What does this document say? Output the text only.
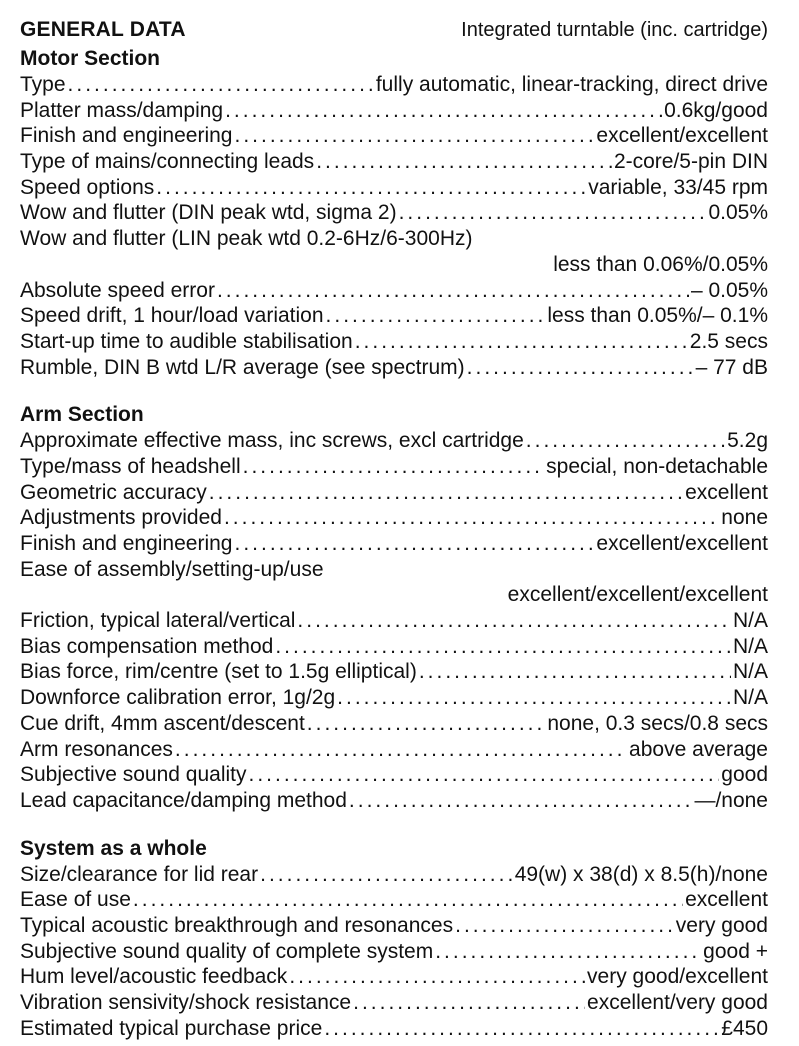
GENERAL DATA	Integrated turntable (inc. cartridge)
Motor Section
Type .....	fully automatic, linear-tracking, direct drive
Platter mass/damping .....	0.6kg/good
Finish and engineering .....	excellent/excellent
Type of mains/connecting leads .....	2-core/5-pin DIN
Speed options .....	variable, 33/45 rpm
Wow and flutter (DIN peak wtd, sigma 2) .....	0.05%
Wow and flutter (LIN peak wtd 0.2-6Hz/6-300Hz)
less than 0.06%/0.05%
Absolute speed error .....	– 0.05%
Speed drift, 1 hour/load variation .....	less than 0.05%/– 0.1%
Start-up time to audible stabilisation .....	2.5 secs
Rumble, DIN B wtd L/R average (see spectrum) .....	– 77 dB
Arm Section
Approximate effective mass, inc screws, excl cartridge .....	5.2g
Type/mass of headshell .....	special, non-detachable
Geometric accuracy .....	excellent
Adjustments provided .....	none
Finish and engineering .....	excellent/excellent
Ease of assembly/setting-up/use
excellent/excellent/excellent
Friction, typical lateral/vertical .....	N/A
Bias compensation method .....	N/A
Bias force, rim/centre (set to 1.5g elliptical) .....	N/A
Downforce calibration error, 1g/2g .....	N/A
Cue drift, 4mm ascent/descent .....	none, 0.3 secs/0.8 secs
Arm resonances .....	above average
Subjective sound quality .....	good
Lead capacitance/damping method .....	—/none
System as a whole
Size/clearance for lid rear .....	49(w) x 38(d) x 8.5(h)/none
Ease of use .....	excellent
Typical acoustic breakthrough and resonances .....	very good
Subjective sound quality of complete system .....	good +
Hum level/acoustic feedback .....	very good/excellent
Vibration sensivity/shock resistance .....	excellent/very good
Estimated typical purchase price .....	£450
